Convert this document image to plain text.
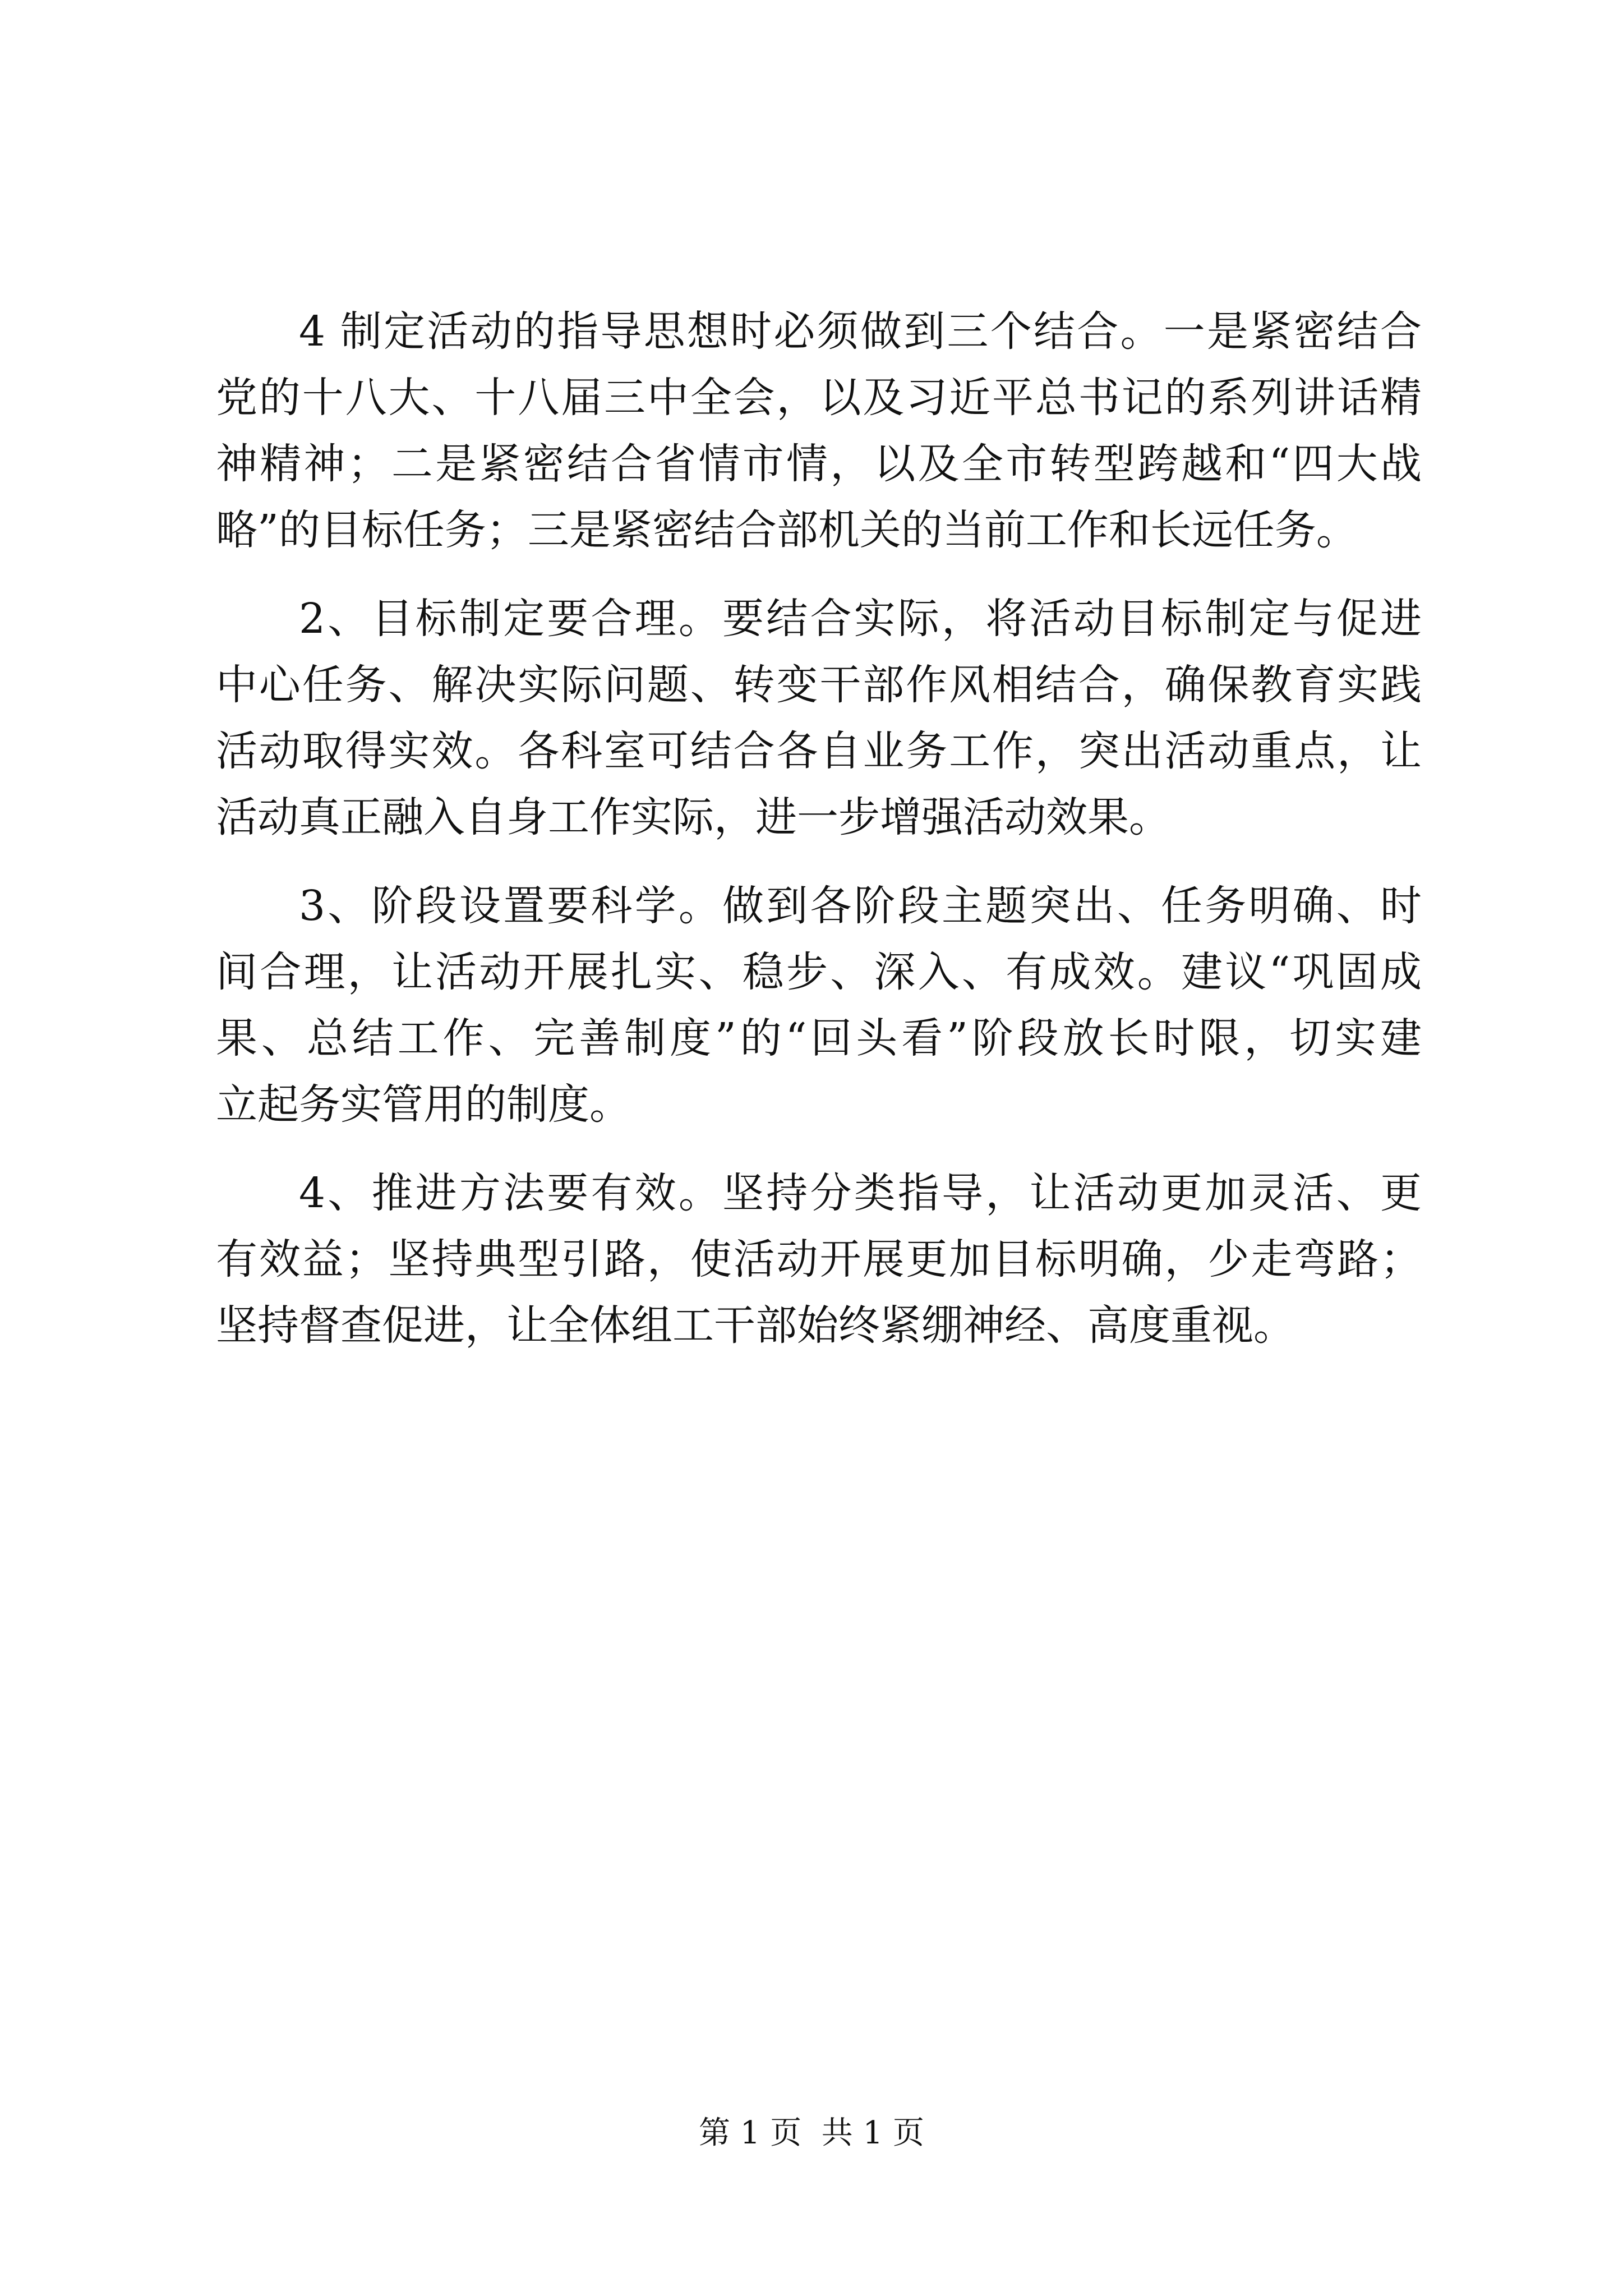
4 制定活动的指导思想时必须做到三个结合。一是紧密结合
党的十八大、十八届三中全会，以及习近平总书记的系列讲话精
神精神；二是紧密结合省情市情，以及全市转型跨越和“四大战
略”的目标任务；三是紧密结合部机关的当前工作和长远任务。
2、目标制定要合理。要结合实际，将活动目标制定与促进
中心任务、解决实际问题、转变干部作风相结合，确保教育实践
活动取得实效。各科室可结合各自业务工作，突出活动重点，让
活动真正融入自身工作实际，进一步增强活动效果。
3、阶段设置要科学。做到各阶段主题突出、任务明确、时
间合理，让活动开展扎实、稳步、深入、有成效。建议“巩固成
果、总结工作、完善制度”的“回头看”阶段放长时限，切实建
立起务实管用的制度。
4、推进方法要有效。坚持分类指导，让活动更加灵活、更
有效益；坚持典型引路，使活动开展更加目标明确，少走弯路；
坚持督查促进，让全体组工干部始终紧绷神经、高度重视。
第 1 页  共 1 页
